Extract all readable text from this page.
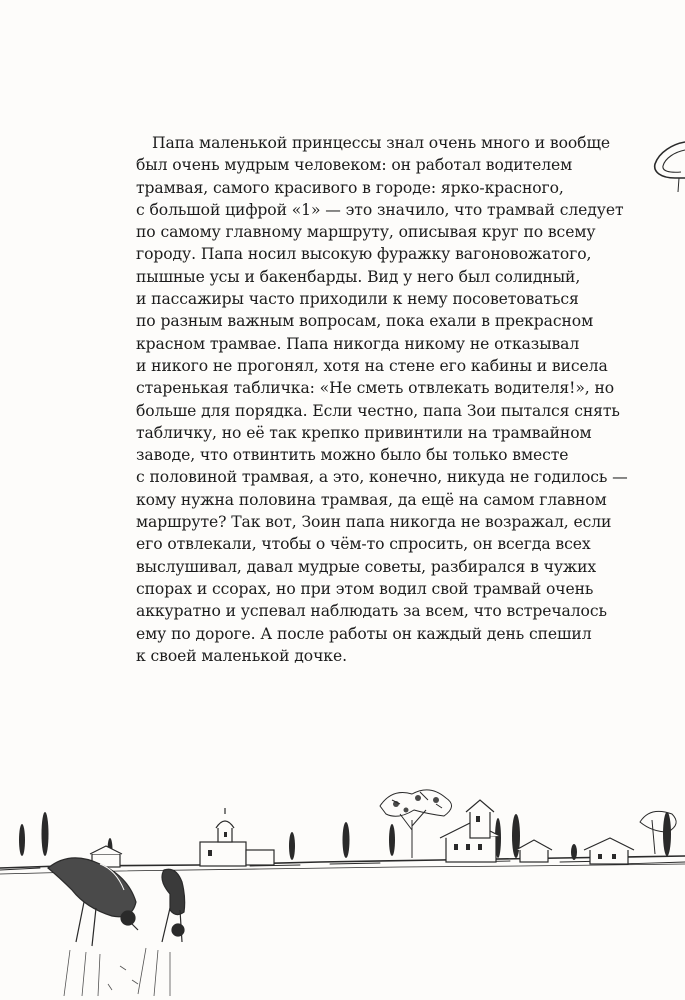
Папа маленькой принцессы знал очень много и вообще
был очень мудрым человеком: он работал водителем
трамвая, самого красивого в городе: ярко-красного,
с большой цифрой «1» — это значило, что трамвай следует
по самому главному маршруту, описывая круг по всему
городу. Папа носил высокую фуражку вагоновожатого,
пышные усы и бакенбарды. Вид у него был солидный,
и пассажиры часто приходили к нему посоветоваться
по разным важным вопросам, пока ехали в прекрасном
красном трамвае. Папа никогда никому не отказывал
и никого не прогонял, хотя на стене его кабины и висела
старенькая табличка: «Не сметь отвлекать водителя!», но
больше для порядка. Если честно, папа Зои пытался снять
табличку, но её так крепко привинтили на трамвайном
заводе, что отвинтить можно было бы только вместе
с половиной трамвая, а это, конечно, никуда не годилось —
кому нужна половина трамвая, да ещё на самом главном
маршруте? Так вот, Зоин папа никогда не возражал, если
его отвлекали, чтобы о чём-то спросить, он всегда всех
выслушивал, давал мудрые советы, разбирался в чужих
спорах и ссорах, но при этом водил свой трамвай очень
аккуратно и успевал наблюдать за всем, что встречалось
ему по дороге. А после работы он каждый день спешил
к своей маленькой дочке.
